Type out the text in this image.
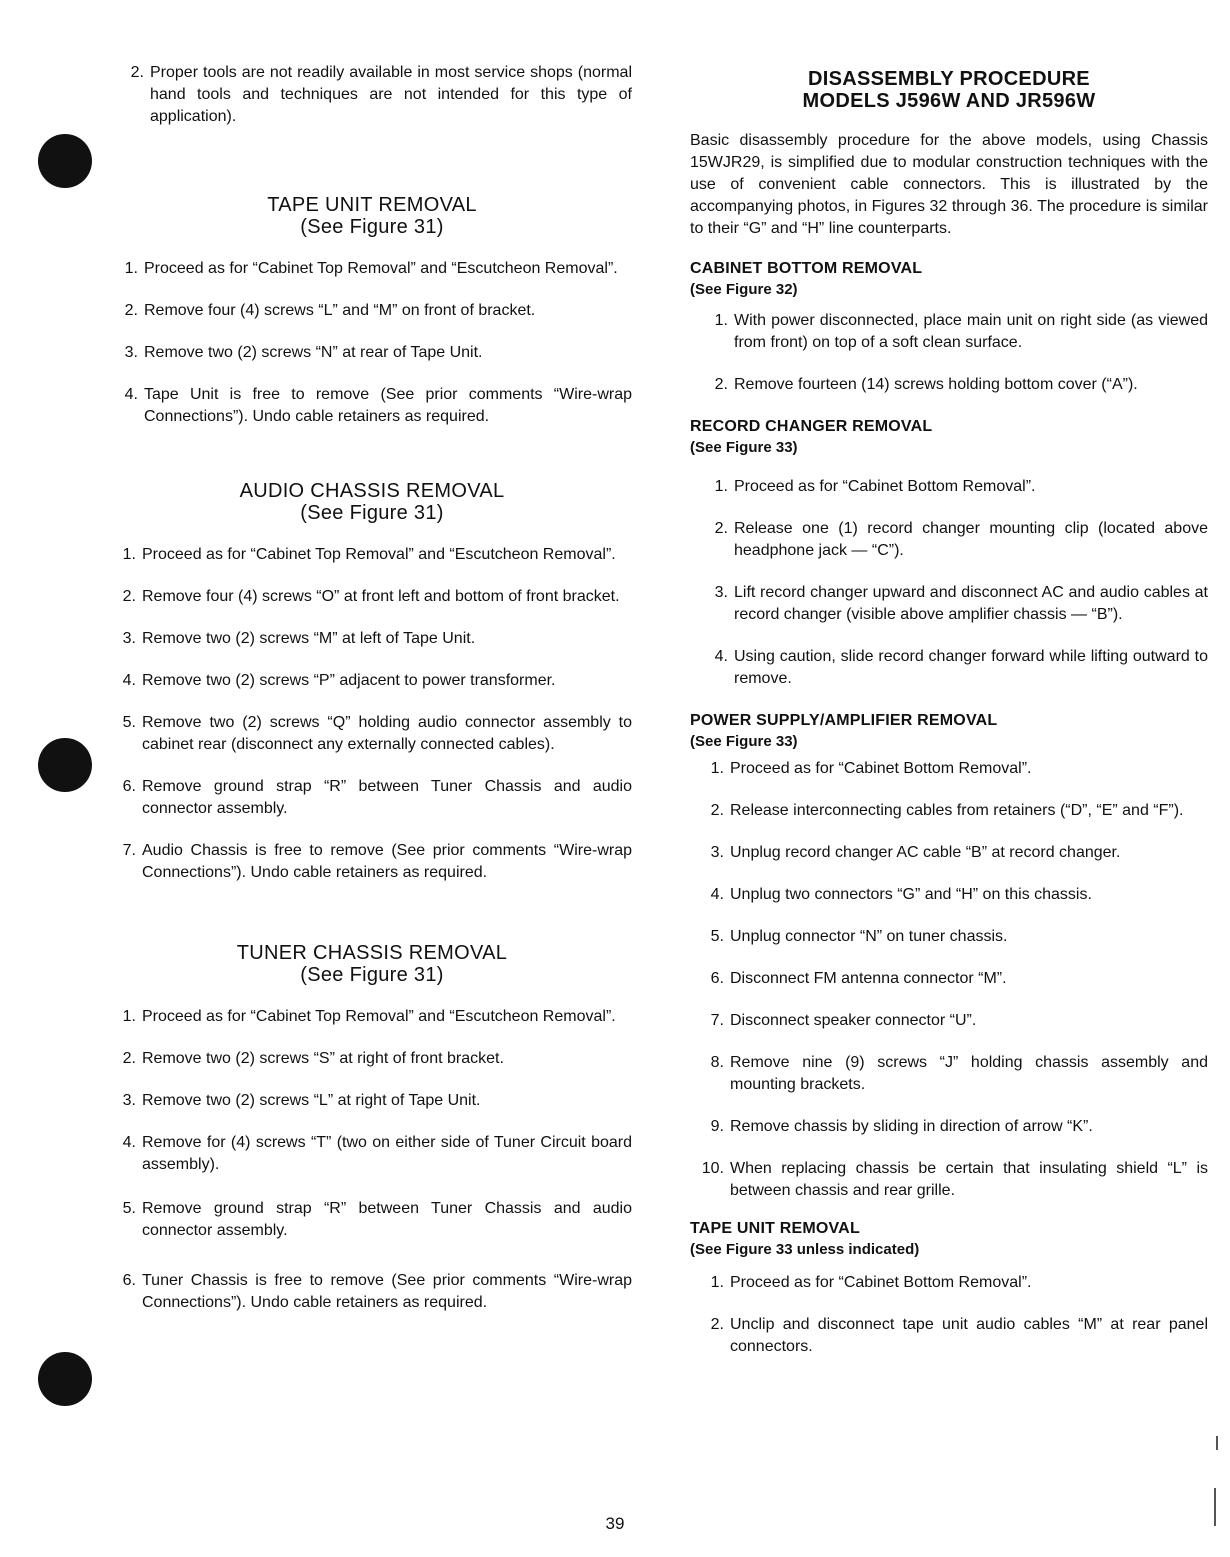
2. Proper tools are not readily available in most service shops (normal hand tools and techniques are not intended for this type of application).
TAPE UNIT REMOVAL
(See Figure 31)
1. Proceed as for “Cabinet Top Removal” and “Escutcheon Removal”.
2. Remove four (4) screws “L” and “M” on front of bracket.
3. Remove two (2) screws “N” at rear of Tape Unit.
4. Tape Unit is free to remove (See prior comments “Wire-wrap Connections”). Undo cable retainers as required.
AUDIO CHASSIS REMOVAL
(See Figure 31)
1. Proceed as for “Cabinet Top Removal” and “Escutcheon Removal”.
2. Remove four (4) screws “O” at front left and bottom of front bracket.
3. Remove two (2) screws “M” at left of Tape Unit.
4. Remove two (2) screws “P” adjacent to power transformer.
5. Remove two (2) screws “Q” holding audio connector assembly to cabinet rear (disconnect any externally connected cables).
6. Remove ground strap “R” between Tuner Chassis and audio connector assembly.
7. Audio Chassis is free to remove (See prior comments “Wire-wrap Connections”). Undo cable retainers as required.
TUNER CHASSIS REMOVAL
(See Figure 31)
1. Proceed as for “Cabinet Top Removal” and “Escutcheon Removal”.
2. Remove two (2) screws “S” at right of front bracket.
3. Remove two (2) screws “L” at right of Tape Unit.
4. Remove for (4) screws “T” (two on either side of Tuner Circuit board assembly).
5. Remove ground strap “R” between Tuner Chassis and audio connector assembly.
6. Tuner Chassis is free to remove (See prior comments “Wire-wrap Connections”). Undo cable retainers as required.
DISASSEMBLY PROCEDURE
MODELS J596W AND JR596W

Basic disassembly procedure for the above models, using Chassis 15WJR29, is simplified due to modular construction techniques with the use of convenient cable connectors. This is illustrated by the accompanying photos, in Figures 32 through 36. The procedure is similar to their “G” and “H” line counterparts.

CABINET BOTTOM REMOVAL

(See Figure 32)

1. With power disconnected, place main unit on right side (as viewed from front) on top of a soft clean surface.
2. Remove fourteen (14) screws holding bottom cover (“A”).
RECORD CHANGER REMOVAL

(See Figure 33)

1. Proceed as for “Cabinet Bottom Removal”.
2. Release one (1) record changer mounting clip (located above headphone jack — “C”).
3. Lift record changer upward and disconnect AC and audio cables at record changer (visible above amplifier chassis — “B”).
4. Using caution, slide record changer forward while lifting outward to remove.
POWER SUPPLY/AMPLIFIER REMOVAL

(See Figure 33)

1. Proceed as for “Cabinet Bottom Removal”.
2. Release interconnecting cables from retainers (“D”, “E” and “F”).
3. Unplug record changer AC cable “B” at record changer.
4. Unplug two connectors “G” and “H” on this chassis.
5. Unplug connector “N” on tuner chassis.
6. Disconnect FM antenna connector “M”.
7. Disconnect speaker connector “U”.
8. Remove nine (9) screws “J” holding chassis assembly and mounting brackets.
9. Remove chassis by sliding in direction of arrow “K”.
10. When replacing chassis be certain that insulating shield “L” is between chassis and rear grille.
TAPE UNIT REMOVAL

(See Figure 33 unless indicated)

1. Proceed as for “Cabinet Bottom Removal”.
2. Unclip and disconnect tape unit audio cables “M” at rear panel connectors.
39
